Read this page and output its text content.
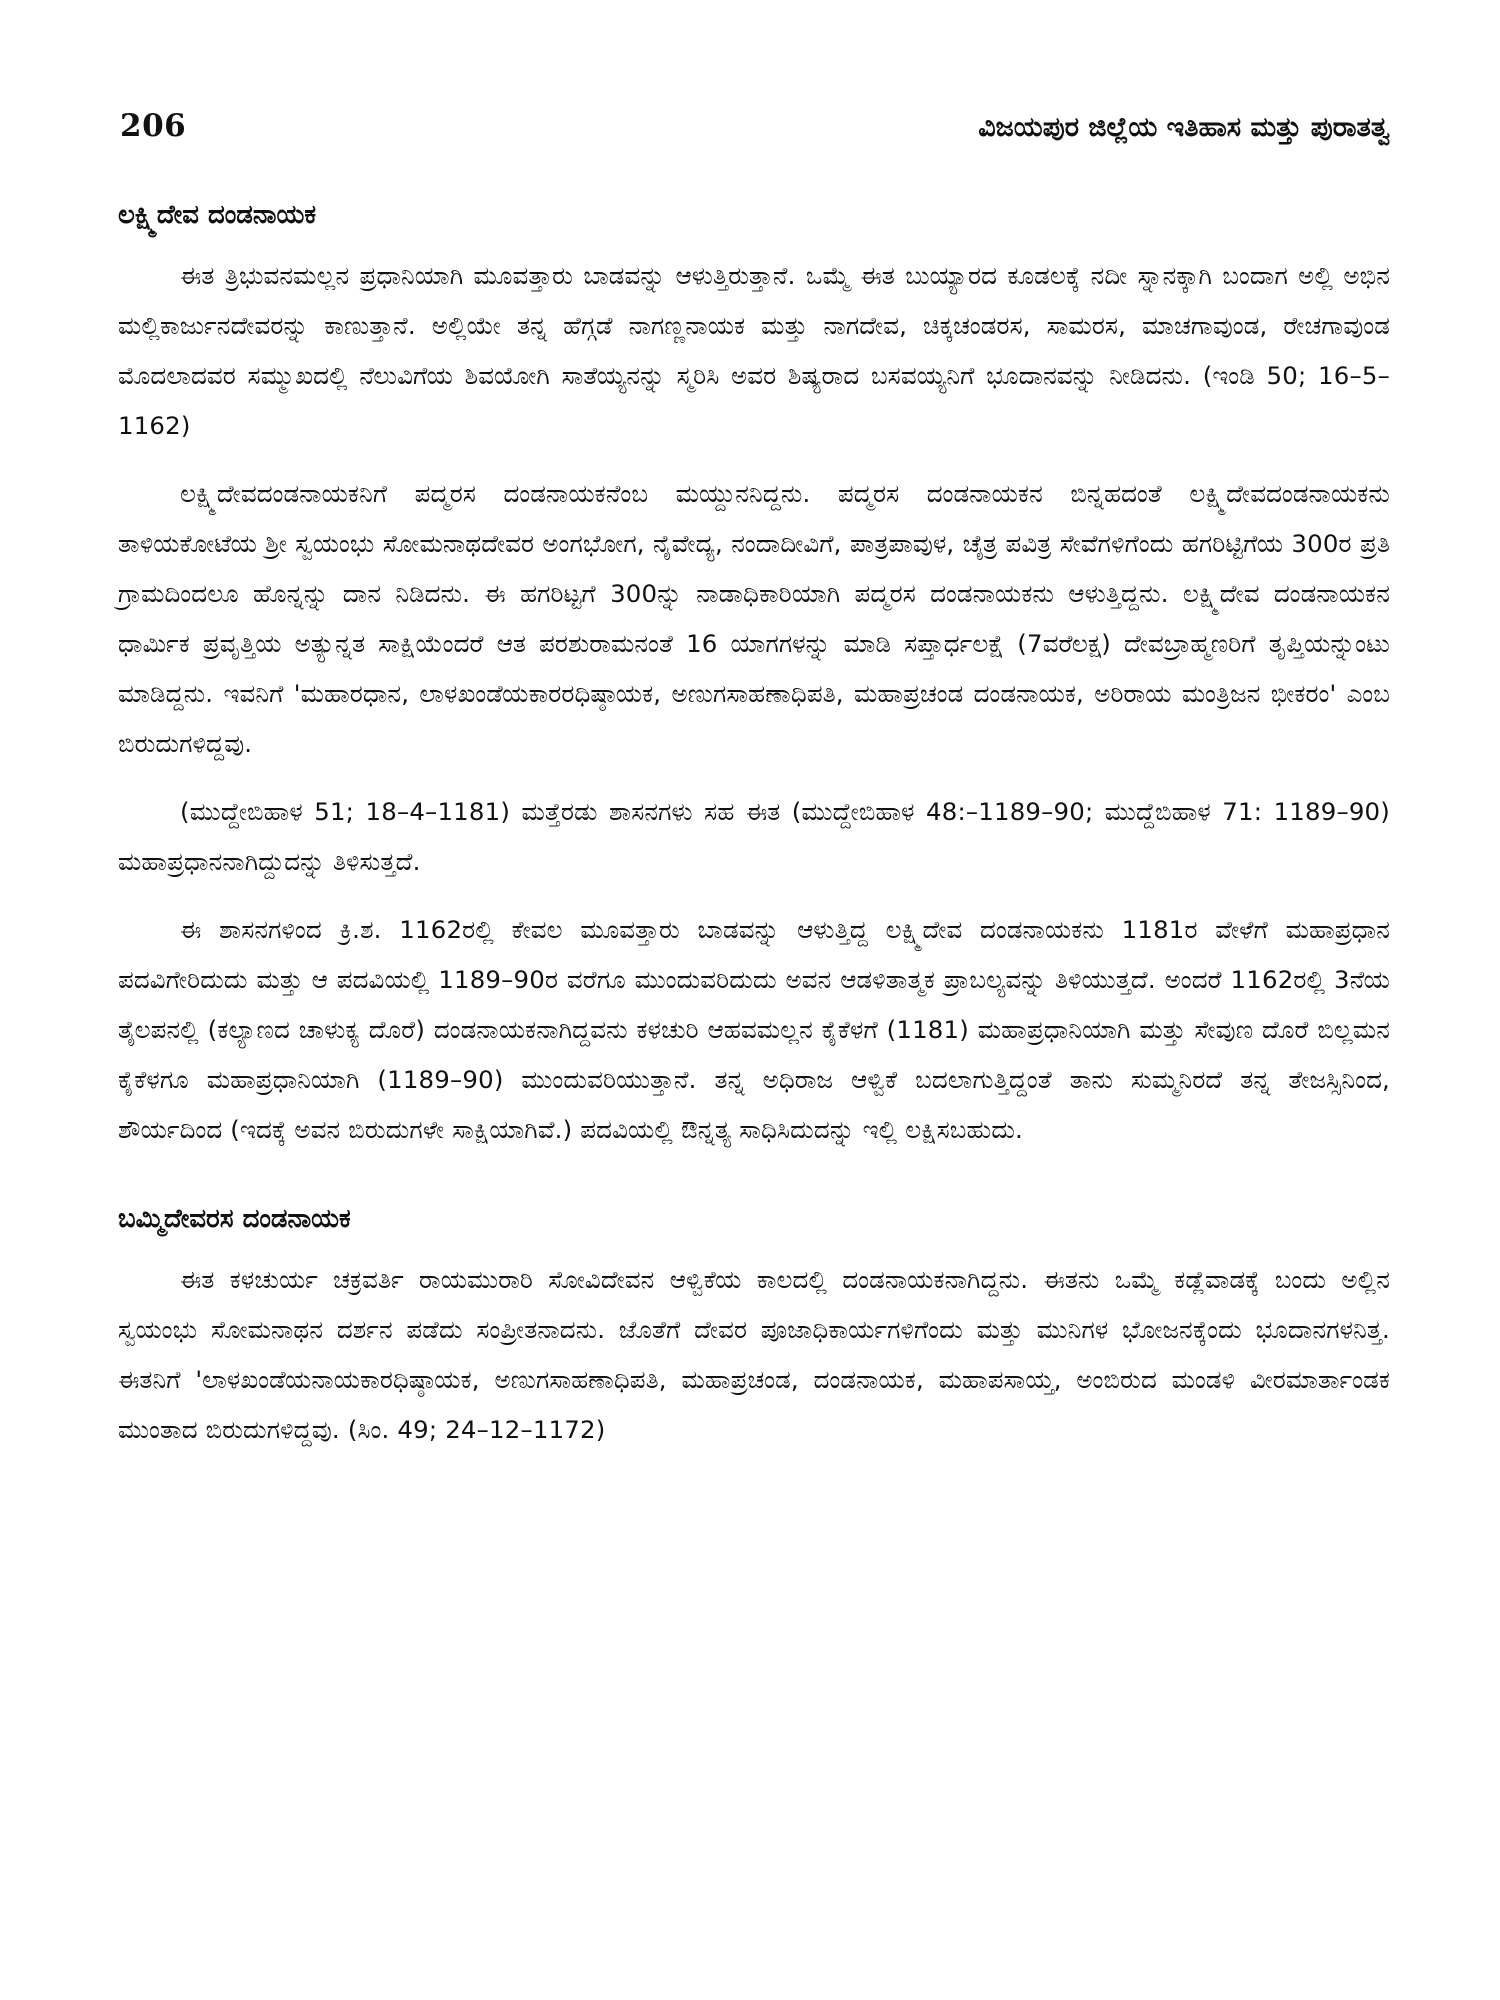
206	ವಿಜಯಪುರ ಜಿಲ್ಲೆಯ ಇತಿಹಾಸ ಮತ್ತು ಪುರಾತತ್ವ
ಲಕ್ಷ್ಮಿದೇವ ದಂಡನಾಯಕ

ಈತ ತ್ರಿಭುವನಮಲ್ಲನ ಪ್ರಧಾನಿಯಾಗಿ ಮೂವತ್ತಾರು ಬಾಡವನ್ನು ಆಳುತ್ತಿರುತ್ತಾನೆ. ಒಮ್ಮೆ ಈತ ಬುಯ್ಯಾರದ ಕೂಡಲಕ್ಕೆ ನದೀ ಸ್ನಾನಕ್ಕಾಗಿ ಬಂದಾಗ ಅಲ್ಲಿ ಅಭಿನ ಮಲ್ಲಿಕಾರ್ಜುನದೇವರನ್ನು ಕಾಣುತ್ತಾನೆ. ಅಲ್ಲಿಯೇ ತನ್ನ ಹೆಗ್ಗಡೆ ನಾಗಣ್ಣನಾಯಕ ಮತ್ತು ನಾಗದೇವ, ಚಿಕ್ಕಚಂಡರಸ, ಸಾಮರಸ, ಮಾಚಗಾವುಂಡ, ರೇಚಗಾವುಂಡ ಮೊದಲಾದವರ ಸಮ್ಮುಖದಲ್ಲಿ ನೆಲುವಿಗೆಯ ಶಿವಯೋಗಿ ಸಾತೆಯ್ಯನನ್ನು ಸ್ಮರಿಸಿ ಅವರ ಶಿಷ್ಯರಾದ ಬಸವಯ್ಯನಿಗೆ ಭೂದಾನವನ್ನು ನೀಡಿದನು. (ಇಂಡಿ 50; 16–5–1162)

ಲಕ್ಷ್ಮಿದೇವದಂಡನಾಯಕನಿಗೆ ಪದ್ಮರಸ ದಂಡನಾಯಕನೆಂಬ ಮಯ್ದುನನಿದ್ದನು. ಪದ್ಮರಸ ದಂಡನಾಯಕನ ಬಿನ್ನಹದಂತೆ ಲಕ್ಷ್ಮಿದೇವದಂಡನಾಯಕನು ತಾಳಿಯಕೋಟೆಯ ಶ್ರೀ ಸ್ವಯಂಭು ಸೋಮನಾಥದೇವರ ಅಂಗಭೋಗ, ನೈವೇದ್ಯ, ನಂದಾದೀವಿಗೆ, ಪಾತ್ರಪಾವುಳ, ಚೈತ್ರ ಪವಿತ್ರ ಸೇವೆಗಳಿಗೆಂದು ಹಗರಿಟ್ಟಿಗೆಯ 300ರ ಪ್ರತಿ ಗ್ರಾಮದಿಂದಲೂ ಹೊನ್ನನ್ನು ದಾನ ನಿಡಿದನು. ಈ ಹಗರಿಟ್ಟಗೆ 300ನ್ನು ನಾಡಾಧಿಕಾರಿಯಾಗಿ ಪದ್ಮರಸ ದಂಡನಾಯಕನು ಆಳುತ್ತಿದ್ದನು. ಲಕ್ಷ್ಮಿದೇವ ದಂಡನಾಯಕನ ಧಾರ್ಮಿಕ ಪ್ರವೃತ್ತಿಯ ಅತ್ಯುನ್ನತ ಸಾಕ್ಷಿಯೆಂದರೆ ಆತ ಪರಶುರಾಮನಂತೆ 16 ಯಾಗಗಳನ್ನು ಮಾಡಿ ಸಪ್ತಾರ್ಧಲಕ್ಷೆ (7ವರೆಲಕ್ಷ) ದೇವಬ್ರಾಹ್ಮಣರಿಗೆ ತೃಪ್ತಿಯನ್ನುಂಟು ಮಾಡಿದ್ದನು. ಇವನಿಗೆ 'ಮಹಾರಧಾನ, ಲಾಳಖಂಡೆಯಕಾರರಧಿಷ್ಠಾಯಕ, ಅಣುಗಸಾಹಣಾಧಿಪತಿ, ಮಹಾಪ್ರಚಂಡ ದಂಡನಾಯಕ, ಅರಿರಾಯ ಮಂತ್ರಿಜನ ಭೀಕರಂ' ಎಂಬ ಬಿರುದುಗಳಿದ್ದವು.

(ಮುದ್ದೇಬಿಹಾಳ 51; 18–4–1181) ಮತ್ತೆರಡು ಶಾಸನಗಳು ಸಹ ಈತ (ಮುದ್ದೇಬಿಹಾಳ 48:–1189–90; ಮುದ್ದೆಬಿಹಾಳ 71: 1189–90) ಮಹಾಪ್ರಧಾನನಾಗಿದ್ದುದನ್ನು ತಿಳಿಸುತ್ತದೆ.

ಈ ಶಾಸನಗಳಿಂದ ಕ್ರಿ.ಶ. 1162ರಲ್ಲಿ ಕೇವಲ ಮೂವತ್ತಾರು ಬಾಡವನ್ನು ಆಳುತ್ತಿದ್ದ ಲಕ್ಷ್ಮಿದೇವ ದಂಡನಾಯಕನು 1181ರ ವೇಳೆಗೆ ಮಹಾಪ್ರಧಾನ ಪದವಿಗೇರಿದುದು ಮತ್ತು ಆ ಪದವಿಯಲ್ಲಿ 1189–90ರ ವರೆಗೂ ಮುಂದುವರಿದುದು ಅವನ ಆಡಳಿತಾತ್ಮಕ ಪ್ರಾಬಲ್ಯವನ್ನು ತಿಳಿಯುತ್ತದೆ. ಅಂದರೆ 1162ರಲ್ಲಿ 3ನೆಯ ತೈಲಪನಲ್ಲಿ (ಕಲ್ಯಾಣದ ಚಾಳುಕ್ಯ ದೊರೆ) ದಂಡನಾಯಕನಾಗಿದ್ದವನು ಕಳಚುರಿ ಆಹವಮಲ್ಲನ ಕೈಕೆಳಗೆ (1181) ಮಹಾಪ್ರಧಾನಿಯಾಗಿ ಮತ್ತು ಸೇವುಣ ದೊರೆ ಬಿಲ್ಲಮನ ಕೈಕೆಳಗೂ ಮಹಾಪ್ರಧಾನಿಯಾಗಿ (1189–90) ಮುಂದುವರಿಯುತ್ತಾನೆ. ತನ್ನ ಅಧಿರಾಜ ಆಳ್ವಿಕೆ ಬದಲಾಗುತ್ತಿದ್ದಂತೆ ತಾನು ಸುಮ್ಮನಿರದೆ ತನ್ನ ತೇಜಸ್ಸಿನಿಂದ, ಶೌರ್ಯದಿಂದ (ಇದಕ್ಕೆ ಅವನ ಬಿರುದುಗಳೇ ಸಾಕ್ಷಿಯಾಗಿವೆ.) ಪದವಿಯಲ್ಲಿ ಔನ್ನತ್ಯ ಸಾಧಿಸಿದುದನ್ನು ಇಲ್ಲಿ ಲಕ್ಷಿಸಬಹುದು.

ಬಮ್ಮಿದೇವರಸ ದಂಡನಾಯಕ

ಈತ ಕಳಚುರ್ಯ ಚಕ್ರವರ್ತಿ ರಾಯಮುರಾರಿ ಸೋವಿದೇವನ ಆಳ್ವಿಕೆಯ ಕಾಲದಲ್ಲಿ ದಂಡನಾಯಕನಾಗಿದ್ದನು. ಈತನು ಒಮ್ಮೆ ಕಡ್ಲೆವಾಡಕ್ಕೆ ಬಂದು ಅಲ್ಲಿನ ಸ್ವಯಂಭು ಸೋಮನಾಥನ ದರ್ಶನ ಪಡೆದು ಸಂಪ್ರೀತನಾದನು. ಜೊತೆಗೆ ದೇವರ ಪೂಜಾಧಿಕಾರ್ಯಗಳಿಗೆಂದು ಮತ್ತು ಮುನಿಗಳ ಭೋಜನಕ್ಕೆಂದು ಭೂದಾನಗಳನಿತ್ತ. ಈತನಿಗೆ 'ಲಾಳಖಂಡೆಯನಾಯಕಾರಧಿಷ್ಠಾಯಕ, ಅಣುಗಸಾಹಣಾಧಿಪತಿ, ಮಹಾಪ್ರಚಂಡ, ದಂಡನಾಯಕ, ಮಹಾಪಸಾಯ್ತ, ಅಂಬಿರುದ ಮಂಡಳಿ ವೀರಮಾರ್ತಾಂಡಕ ಮುಂತಾದ ಬಿರುದುಗಳಿದ್ದವು. (ಸಿಂ. 49; 24–12–1172)
